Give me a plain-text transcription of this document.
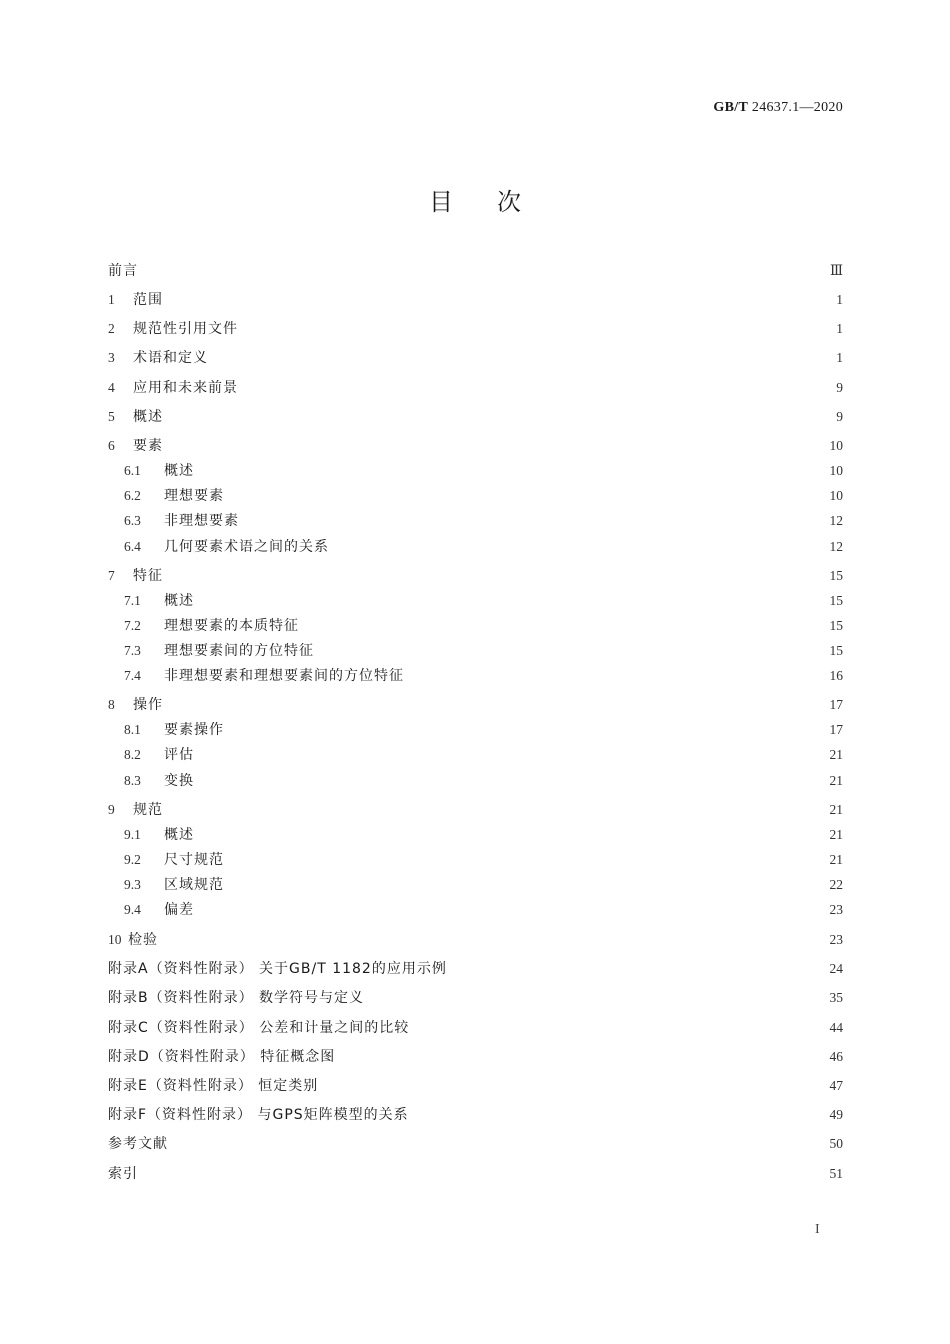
GB/T 24637.1—2020
目次
前言	Ⅲ
1	范围	1
2	规范性引用文件	1
3	术语和定义	1
4	应用和未来前景	9
5	概述	9
6	要素	10
6.1	概述	10
6.2	理想要素	10
6.3	非理想要素	12
6.4	几何要素术语之间的关系	12
7	特征	15
7.1	概述	15
7.2	理想要素的本质特征	15
7.3	理想要素间的方位特征	15
7.4	非理想要素和理想要素间的方位特征	16
8	操作	17
8.1	要素操作	17
8.2	评估	21
8.3	变换	21
9	规范	21
9.1	概述	21
9.2	尺寸规范	21
9.3	区域规范	22
9.4	偏差	23
10 检验	23
附录A（资料性附录） 关于GB/T 1182的应用示例	24
附录B（资料性附录） 数学符号与定义	35
附录C（资料性附录） 公差和计量之间的比较	44
附录D（资料性附录） 特征概念图	46
附录E（资料性附录） 恒定类别	47
附录F（资料性附录） 与GPS矩阵模型的关系	49
参考文献	50
索引	51
I
